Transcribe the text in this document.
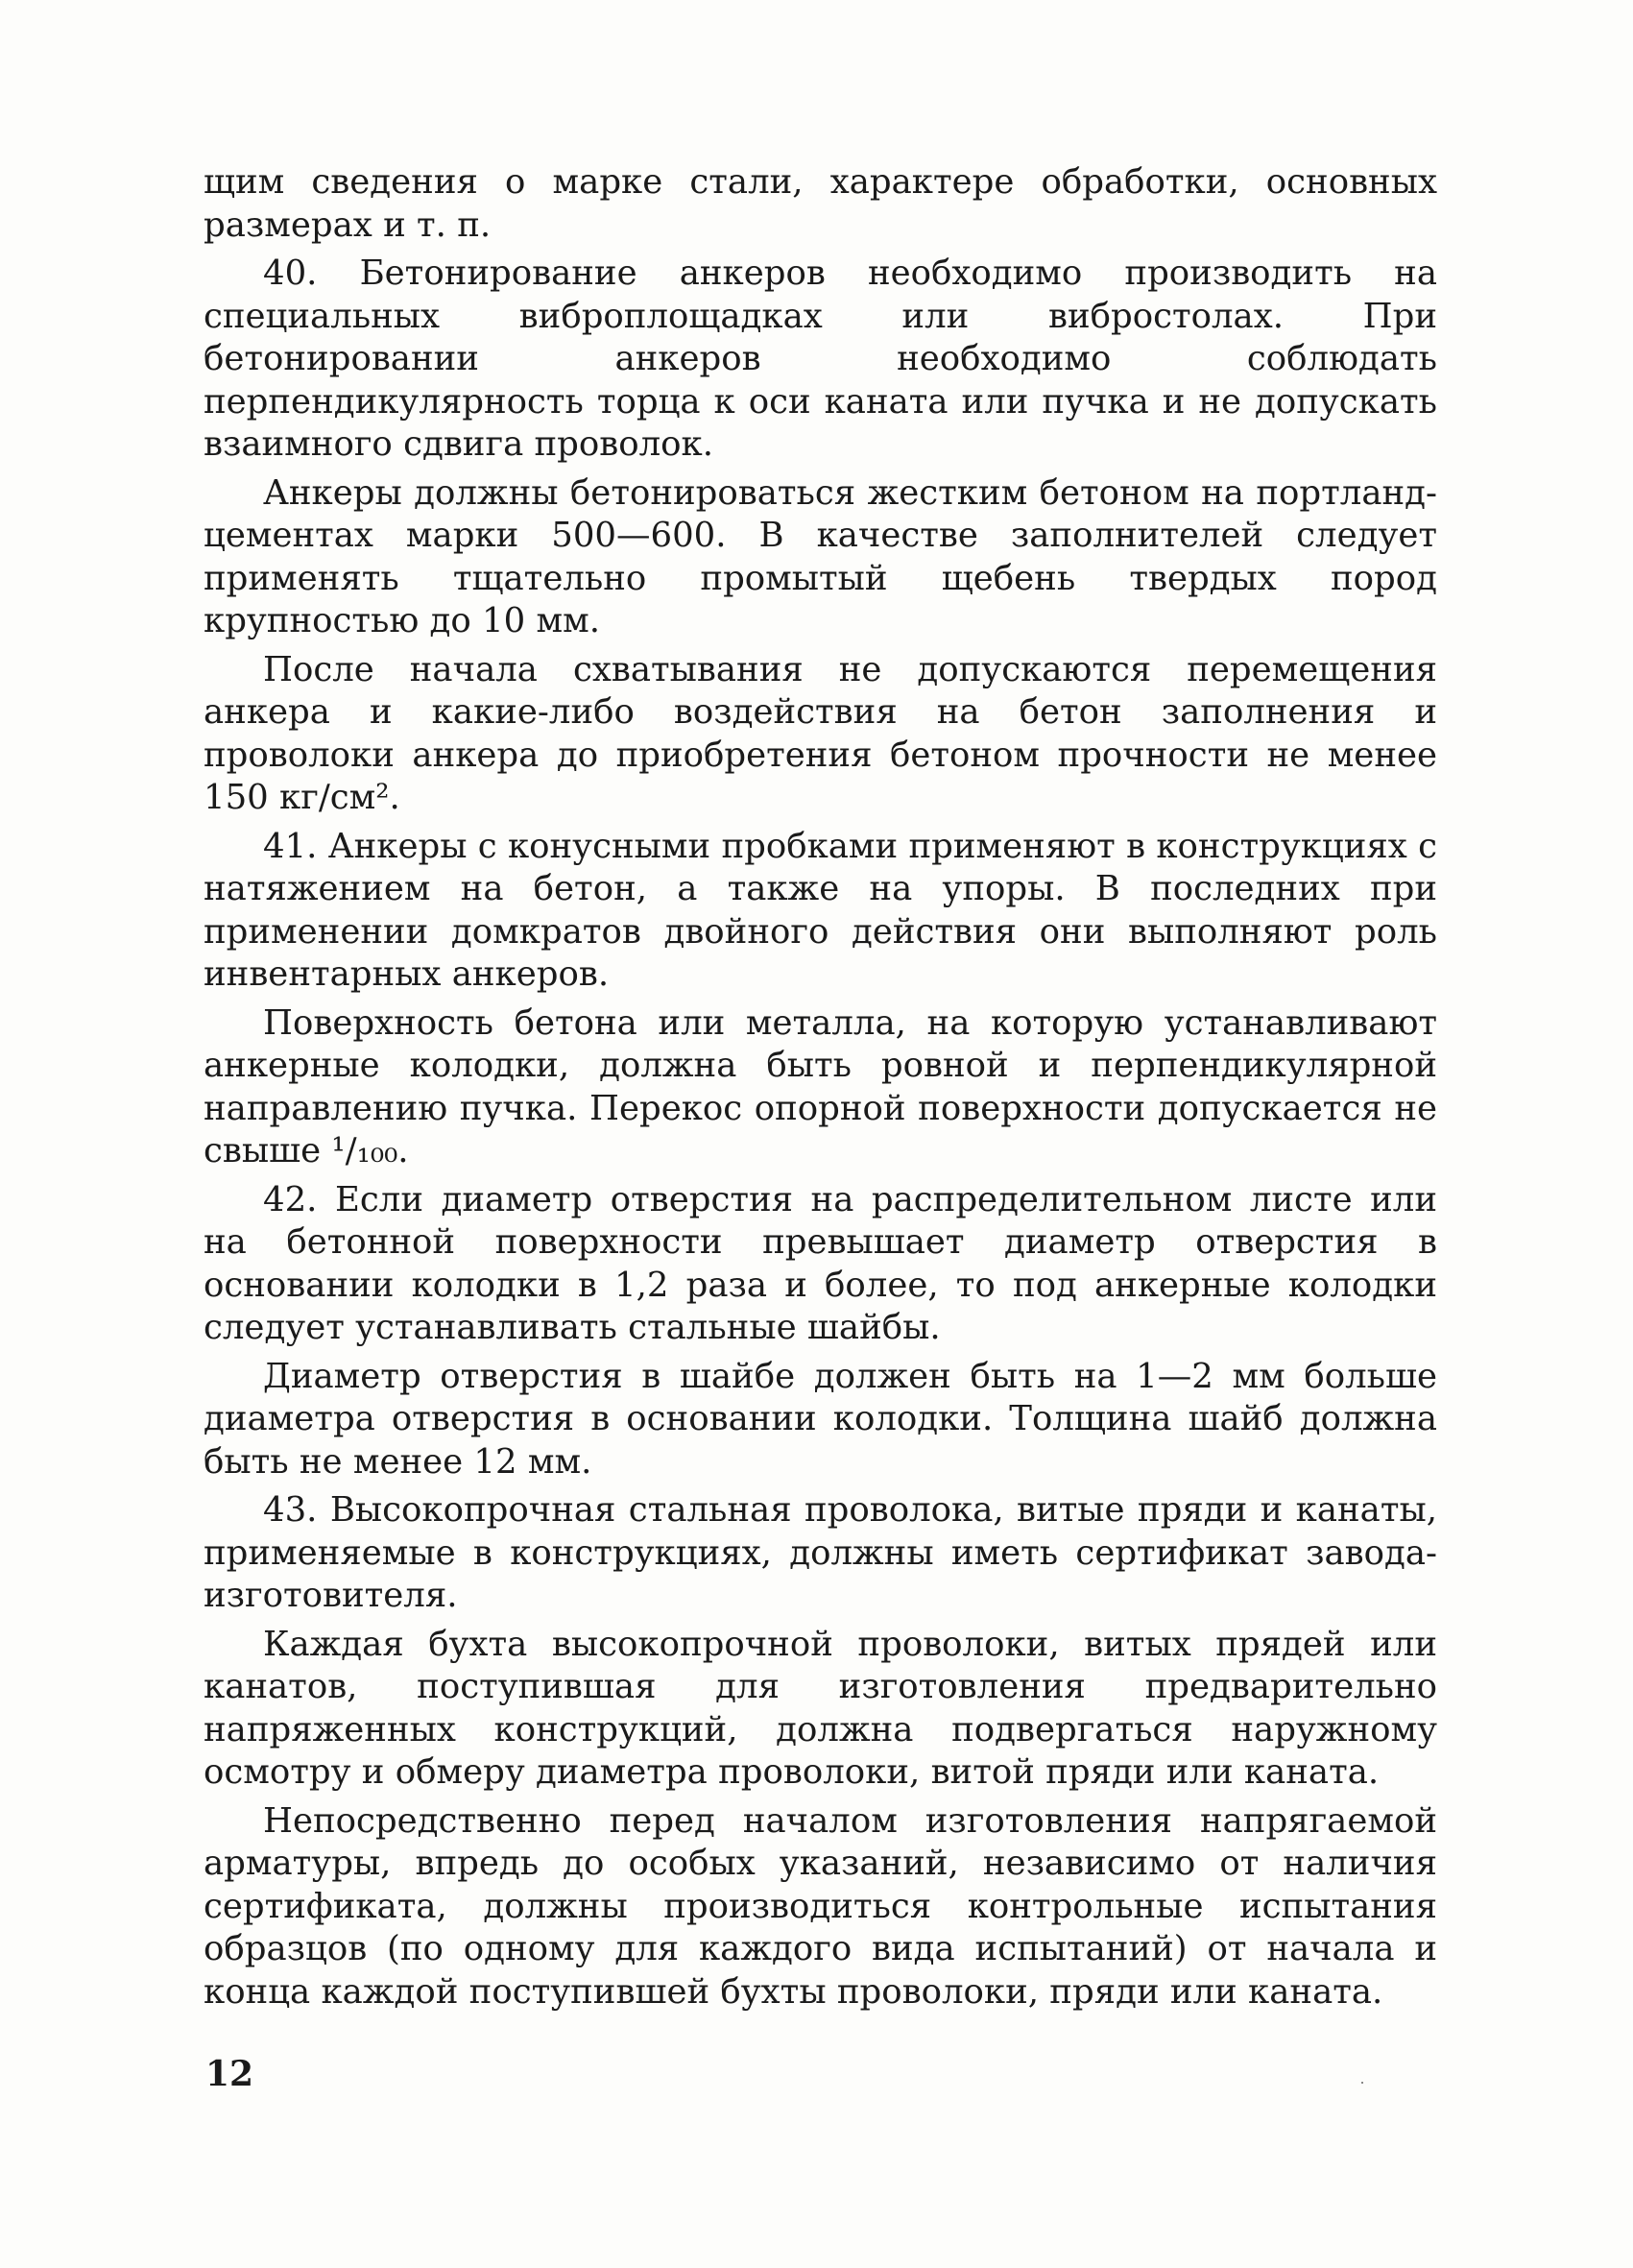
щим сведения о марке стали, характере обработки, основных размерах и т. п.

40. Бетонирование анкеров необходимо производить на специальных виброплощадках или вибростолах. При бетонировании анкеров необходимо соблюдать перпендикулярность торца к оси каната или пучка и не допускать взаимного сдвига проволок.

Анкеры должны бетонироваться жестким бетоном на портланд-цементах марки 500—600. В качестве заполнителей следует применять тщательно промытый щебень твердых пород крупностью до 10 мм.

После начала схватывания не допускаются перемещения анкера и какие-либо воздействия на бетон заполнения и проволоки анкера до приобретения бетоном прочности не менее 150 кг/см².

41. Анкеры с конусными пробками применяют в конструкциях с натяжением на бетон, а также на упоры. В последних при применении домкратов двойного действия они выполняют роль инвентарных анкеров.

Поверхность бетона или металла, на которую устанавливают анкерные колодки, должна быть ровной и перпендикулярной направлению пучка. Перекос опорной поверхности допускается не свыше ¹/₁₀₀.

42. Если диаметр отверстия на распределительном листе или на бетонной поверхности превышает диаметр отверстия в основании колодки в 1,2 раза и более, то под анкерные колодки следует устанавливать стальные шайбы.

Диаметр отверстия в шайбе должен быть на 1—2 мм больше диаметра отверстия в основании колодки. Толщина шайб должна быть не менее 12 мм.

43. Высокопрочная стальная проволока, витые пряди и канаты, применяемые в конструкциях, должны иметь сертификат завода-изготовителя.

Каждая бухта высокопрочной проволоки, витых прядей или канатов, поступившая для изготовления предварительно напряженных конструкций, должна подвергаться наружному осмотру и обмеру диаметра проволоки, витой пряди или каната.

Непосредственно перед началом изготовления напрягаемой арматуры, впредь до особых указаний, независимо от наличия сертификата, должны производиться контрольные испытания образцов (по одному для каждого вида испытаний) от начала и конца каждой поступившей бухты проволоки, пряди или каната.

12
